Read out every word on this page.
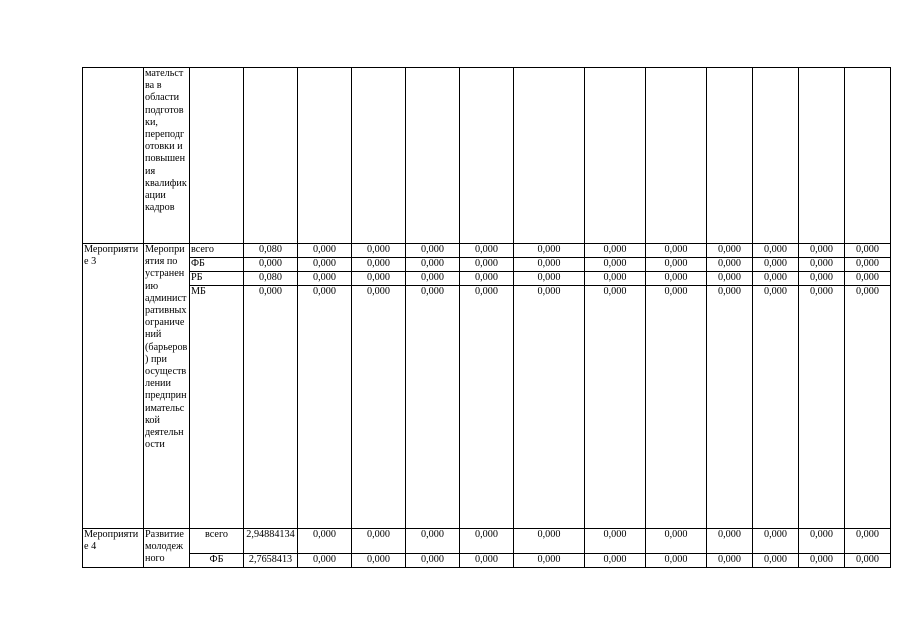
	мательства в области подготовки, переподготовки и повышения квалификации кадров													
Мероприятие 3	Мероприятия по устранению административных ограничений (барьеров) при осуществлении предпринимательской деятельности	всего	0,080	0,000	0,000	0,000	0,000	0,000	0,000	0,000	0,000	0,000	0,000	0,000
		ФБ	0,000	0,000	0,000	0,000	0,000	0,000	0,000	0,000	0,000	0,000	0,000	0,000
		РБ	0,080	0,000	0,000	0,000	0,000	0,000	0,000	0,000	0,000	0,000	0,000	0,000
		МБ	0,000	0,000	0,000	0,000	0,000	0,000	0,000	0,000	0,000	0,000	0,000	0,000
Мероприятие 4	Развитие молодежного	всего	2,94884134	0,000	0,000	0,000	0,000	0,000	0,000	0,000	0,000	0,000	0,000	0,000
		ФБ	2,7658413	0,000	0,000	0,000	0,000	0,000	0,000	0,000	0,000	0,000	0,000	0,000
